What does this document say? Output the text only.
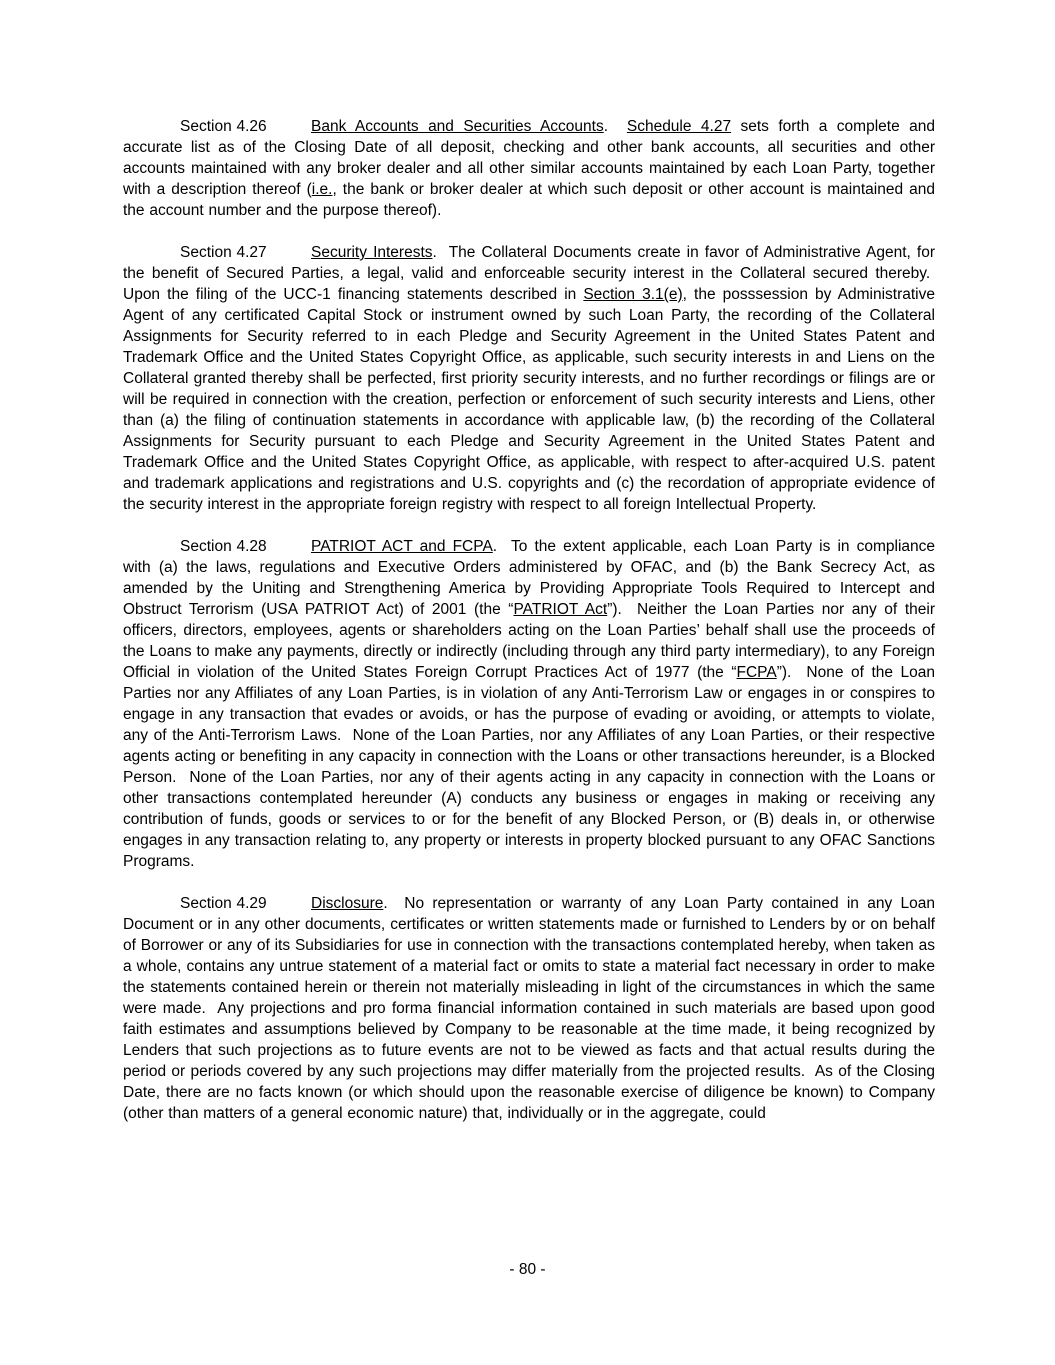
Section 4.26	Bank Accounts and Securities Accounts.  Schedule 4.27 sets forth a complete and accurate list as of the Closing Date of all deposit, checking and other bank accounts, all securities and other accounts maintained with any broker dealer and all other similar accounts maintained by each Loan Party, together with a description thereof (i.e., the bank or broker dealer at which such deposit or other account is maintained and the account number and the purpose thereof).

Section 4.27	Security Interests.  The Collateral Documents create in favor of Administrative Agent, for the benefit of Secured Parties, a legal, valid and enforceable security interest in the Collateral secured thereby.  Upon the filing of the UCC-1 financing statements described in Section 3.1(e), the posssession by Administrative Agent of any certificated Capital Stock or instrument owned by such Loan Party, the recording of the Collateral Assignments for Security referred to in each Pledge and Security Agreement in the United States Patent and Trademark Office and the United States Copyright Office, as applicable, such security interests in and Liens on the Collateral granted thereby shall be perfected, first priority security interests, and no further recordings or filings are or will be required in connection with the creation, perfection or enforcement of such security interests and Liens, other than (a) the filing of continuation statements in accordance with applicable law, (b) the recording of the Collateral Assignments for Security pursuant to each Pledge and Security Agreement in the United States Patent and Trademark Office and the United States Copyright Office, as applicable, with respect to after-acquired U.S. patent and trademark applications and registrations and U.S. copyrights and (c) the recordation of appropriate evidence of the security interest in the appropriate foreign registry with respect to all foreign Intellectual Property.

Section 4.28	PATRIOT ACT and FCPA.  To the extent applicable, each Loan Party is in compliance with (a) the laws, regulations and Executive Orders administered by OFAC, and (b) the Bank Secrecy Act, as amended by the Uniting and Strengthening America by Providing Appropriate Tools Required to Intercept and Obstruct Terrorism (USA PATRIOT Act) of 2001 (the “PATRIOT Act”).  Neither the Loan Parties nor any of their officers, directors, employees, agents or shareholders acting on the Loan Parties’ behalf shall use the proceeds of the Loans to make any payments, directly or indirectly (including through any third party intermediary), to any Foreign Official in violation of the United States Foreign Corrupt Practices Act of 1977 (the “FCPA”).  None of the Loan Parties nor any Affiliates of any Loan Parties, is in violation of any Anti-Terrorism Law or engages in or conspires to engage in any transaction that evades or avoids, or has the purpose of evading or avoiding, or attempts to violate, any of the Anti-Terrorism Laws.  None of the Loan Parties, nor any Affiliates of any Loan Parties, or their respective agents acting or benefiting in any capacity in connection with the Loans or other transactions hereunder, is a Blocked Person.  None of the Loan Parties, nor any of their agents acting in any capacity in connection with the Loans or other transactions contemplated hereunder (A) conducts any business or engages in making or receiving any contribution of funds, goods or services to or for the benefit of any Blocked Person, or (B) deals in, or otherwise engages in any transaction relating to, any property or interests in property blocked pursuant to any OFAC Sanctions Programs.

Section 4.29	Disclosure.  No representation or warranty of any Loan Party contained in any Loan Document or in any other documents, certificates or written statements made or furnished to Lenders by or on behalf of Borrower or any of its Subsidiaries for use in connection with the transactions contemplated hereby, when taken as a whole, contains any untrue statement of a material fact or omits to state a material fact necessary in order to make the statements contained herein or therein not materially misleading in light of the circumstances in which the same were made.  Any projections and pro forma financial information contained in such materials are based upon good faith estimates and assumptions believed by Company to be reasonable at the time made, it being recognized by Lenders that such projections as to future events are not to be viewed as facts and that actual results during the period or periods covered by any such projections may differ materially from the projected results.  As of the Closing Date, there are no facts known (or which should upon the reasonable exercise of diligence be known) to Company (other than matters of a general economic nature) that, individually or in the aggregate, could

- 80 -
